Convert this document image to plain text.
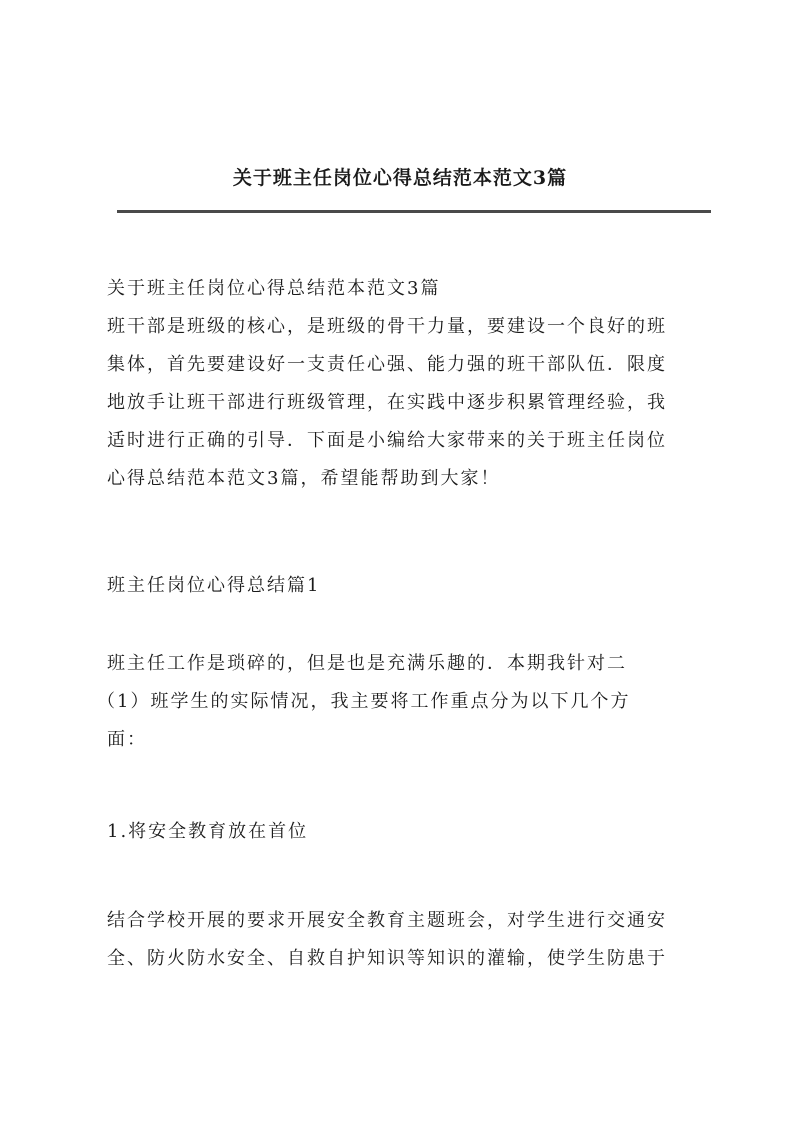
关于班主任岗位心得总结范本范文3篇
关于班主任岗位心得总结范本范文3篇
班干部是班级的核心，是班级的骨干力量，要建设一个良好的班
集体，首先要建设好一支责任心强、能力强的班干部队伍．限度
地放手让班干部进行班级管理，在实践中逐步积累管理经验，我
适时进行正确的引导．下面是小编给大家带来的关于班主任岗位
心得总结范本范文3篇，希望能帮助到大家！
班主任岗位心得总结篇1
班主任工作是琐碎的，但是也是充满乐趣的．本期我针对二
（1）班学生的实际情况，我主要将工作重点分为以下几个方
面：
1.将安全教育放在首位
结合学校开展的要求开展安全教育主题班会，对学生进行交通安
全、防火防水安全、自救自护知识等知识的灌输，使学生防患于
